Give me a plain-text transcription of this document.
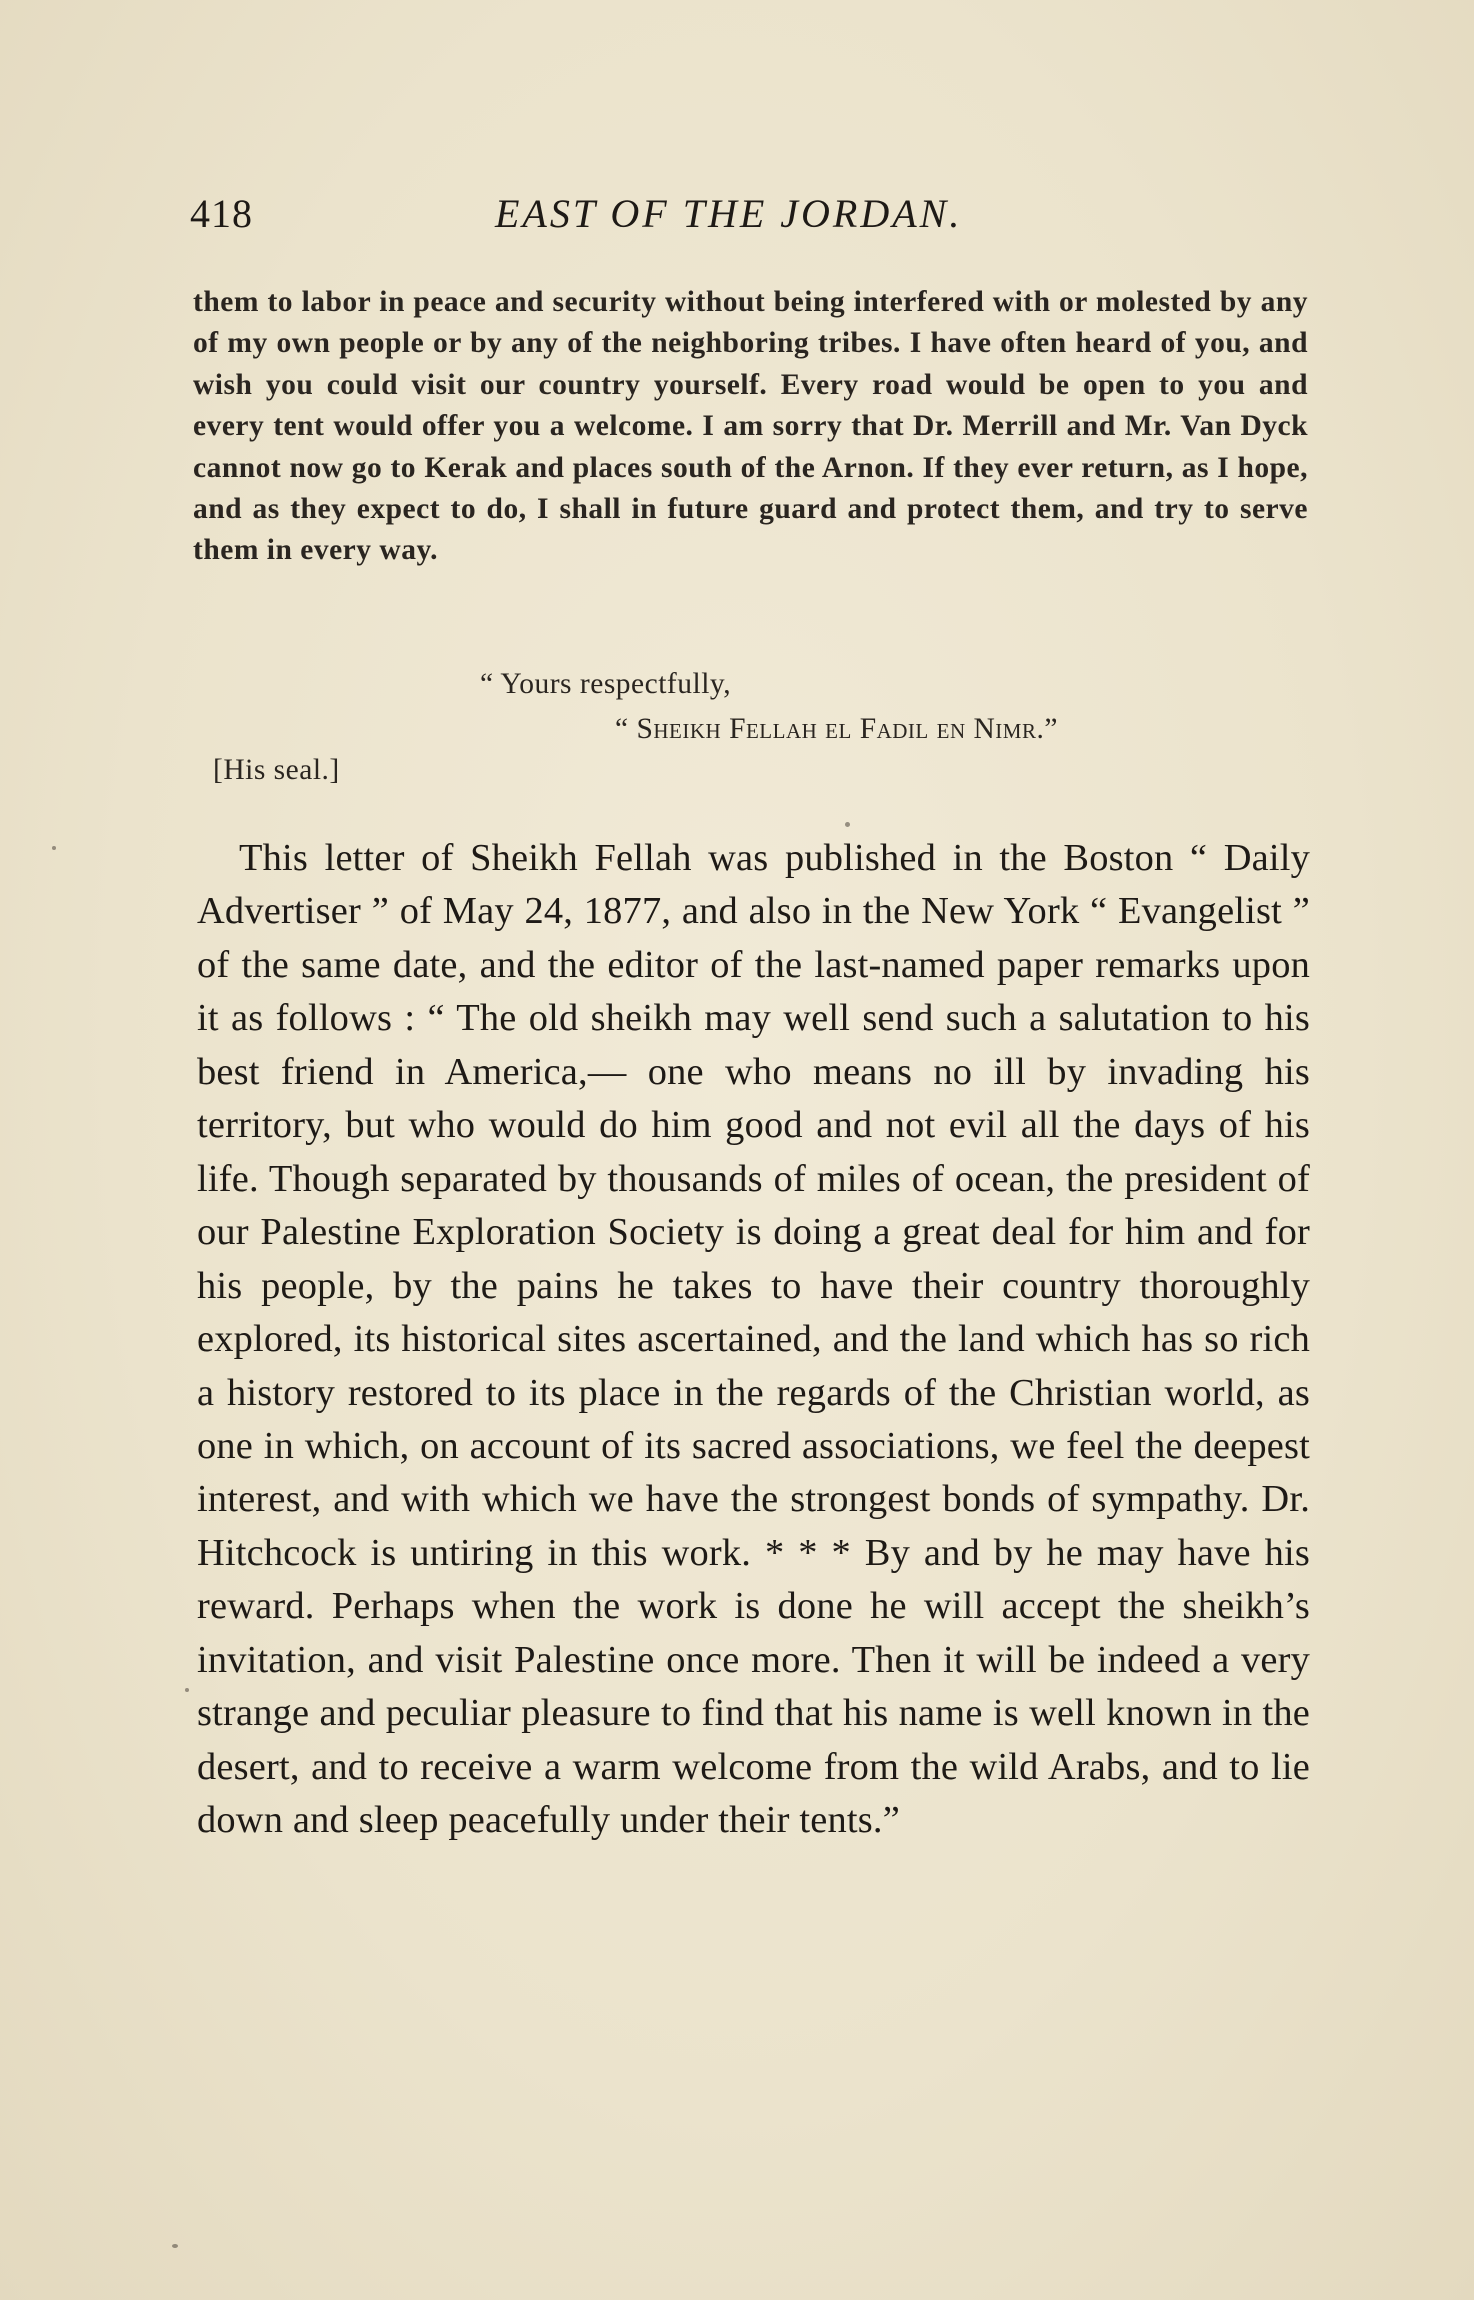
418	EAST OF THE JORDAN.

them to labor in peace and security without being interfered with or molested by any of my own people or by any of the neighboring tribes. I have often heard of you, and wish you could visit our country yourself. Every road would be open to you and every tent would offer you a welcome. I am sorry that Dr. Merrill and Mr. Van Dyck cannot now go to Kerak and places south of the Arnon. If they ever return, as I hope, and as they expect to do, I shall in future guard and protect them, and try to serve them in every way.

“ Yours respectfully,
“ Sheikh Fellah el Fadil en Nimr.”
[His seal.]

This letter of Sheikh Fellah was published in the Boston “ Daily Advertiser ” of May 24, 1877, and also in the New York “ Evangelist ” of the same date, and the editor of the last-named paper remarks upon it as follows : “ The old sheikh may well send such a salutation to his best friend in America,— one who means no ill by invading his territory, but who would do him good and not evil all the days of his life. Though separated by thousands of miles of ocean, the president of our Palestine Exploration Society is doing a great deal for him and for his people, by the pains he takes to have their country thoroughly explored, its historical sites ascertained, and the land which has so rich a history restored to its place in the regards of the Christian world, as one in which, on account of its sacred associations, we feel the deepest interest, and with which we have the strongest bonds of sympathy. Dr. Hitchcock is untiring in this work. * * * By and by he may have his reward. Perhaps when the work is done he will accept the sheikh’s invitation, and visit Palestine once more. Then it will be indeed a very strange and peculiar pleasure to find that his name is well known in the desert, and to receive a warm welcome from the wild Arabs, and to lie down and sleep peacefully under their tents.”
